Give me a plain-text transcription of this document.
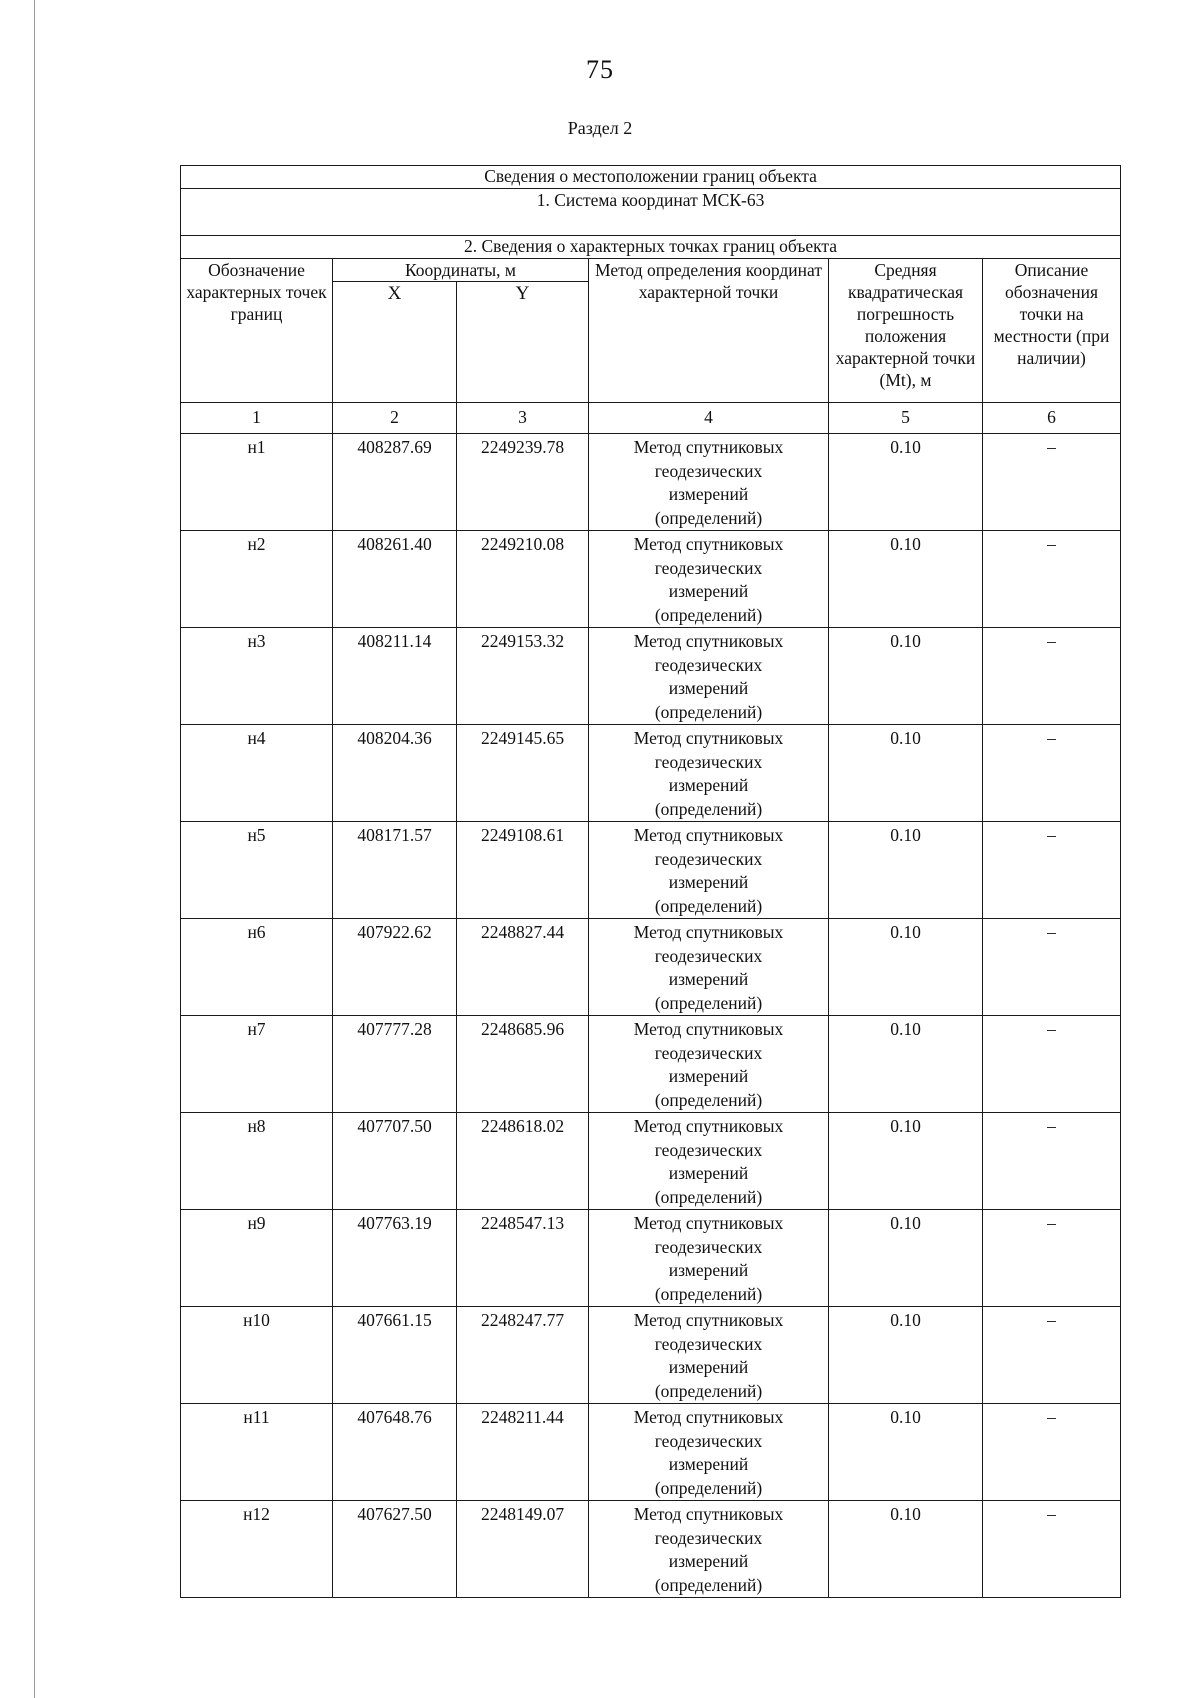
75
Раздел 2
Сведения о местоположении границ объекта					
1. Система координат МСК-63					
2. Сведения о характерных точках границ объекта					
Обозначение характерных точек границ	Координаты, м		Метод определения координат характерной точки	Средняя квадратическая погрешность положения характерной точки (Mt), м	Описание обозначения точки на местности (при наличии)
	X	Y			
1	2	3	4	5	6
н1	408287.69	2249239.78	Метод спутниковых геодезических измерений (определений)	0.10	–
н2	408261.40	2249210.08	Метод спутниковых геодезических измерений (определений)	0.10	–
н3	408211.14	2249153.32	Метод спутниковых геодезических измерений (определений)	0.10	–
н4	408204.36	2249145.65	Метод спутниковых геодезических измерений (определений)	0.10	–
н5	408171.57	2249108.61	Метод спутниковых геодезических измерений (определений)	0.10	–
н6	407922.62	2248827.44	Метод спутниковых геодезических измерений (определений)	0.10	–
н7	407777.28	2248685.96	Метод спутниковых геодезических измерений (определений)	0.10	–
н8	407707.50	2248618.02	Метод спутниковых геодезических измерений (определений)	0.10	–
н9	407763.19	2248547.13	Метод спутниковых геодезических измерений (определений)	0.10	–
н10	407661.15	2248247.77	Метод спутниковых геодезических измерений (определений)	0.10	–
н11	407648.76	2248211.44	Метод спутниковых геодезических измерений (определений)	0.10	–
н12	407627.50	2248149.07	Метод спутниковых геодезических измерений (определений)	0.10	–
